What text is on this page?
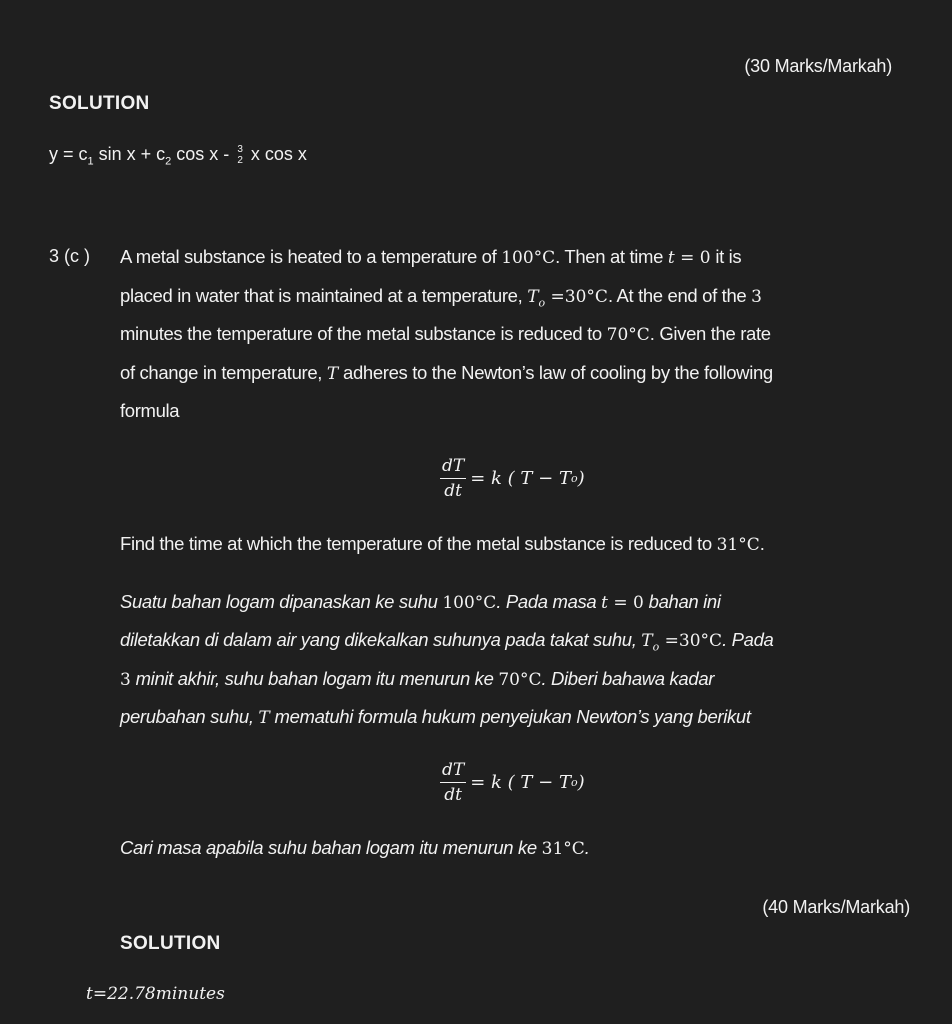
(30 Marks/Markah)
SOLUTION
$y = c_1$ $\sin x + c_2$ cos x - 3
2 x cos x
3 (c ) A metal substance is heated to a temperature of 100°C. Then at time t = 0 it is
placed in water that is maintained at a temperature, $T_o =30^\circ C$. At the end of the 3
minutes the temperature of the metal substance is reduced to 70°C. Given the rate
of change in temperature, T adheres to the Newton’s law of cooling by the following
formula
$\frac{dT}{dt} = k$ ( T − T o )
Find the time at which the temperature of the metal substance is reduced to 31°C.
Suatu bahan logam dipanaskan ke suhu 100°C. Pada masa t = 0 bahan ini
diletakkan di dalam air yang dikekalkan suhunya pada takat suhu, $T_o =30^\circ C$. Pada
3 minit akhir, suhu bahan logam itu menurun ke 70°C. Diberi bahawa kadar
perubahan suhu, T mematuhi formula hukum penyejukan Newton’s yang berikut
$\frac{dT}{dt} = k$ ( T − T o )
Cari masa apabila suhu bahan logam itu menurun ke 31°C.
(40 Marks/Markah)
SOLUTION
t=22.78minutes
